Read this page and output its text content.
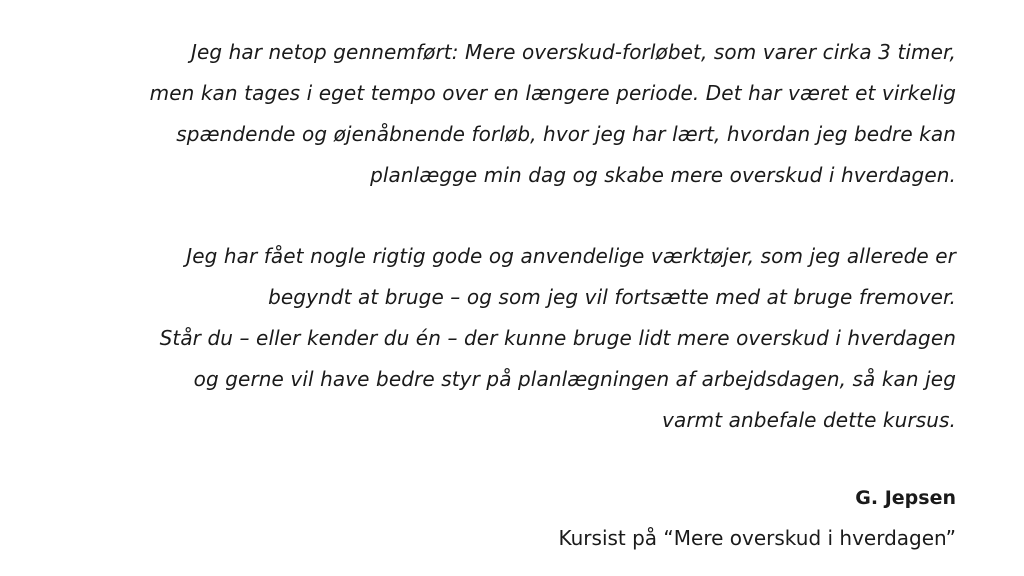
Jeg har netop gennemført: Mere overskud-forløbet, som varer cirka 3 timer,
men kan tages i eget tempo over en længere periode. Det har været et virkelig
spændende og øjenåbnende forløb, hvor jeg har lært, hvordan jeg bedre kan
planlægge min dag og skabe mere overskud i hverdagen.

Jeg har fået nogle rigtig gode og anvendelige værktøjer, som jeg allerede er
begyndt at bruge – og som jeg vil fortsætte med at bruge fremover.
Står du – eller kender du én – der kunne bruge lidt mere overskud i hverdagen
og gerne vil have bedre styr på planlægningen af arbejdsdagen, så kan jeg
varmt anbefale dette kursus.

G. Jepsen
Kursist på “Mere overskud i hverdagen”
